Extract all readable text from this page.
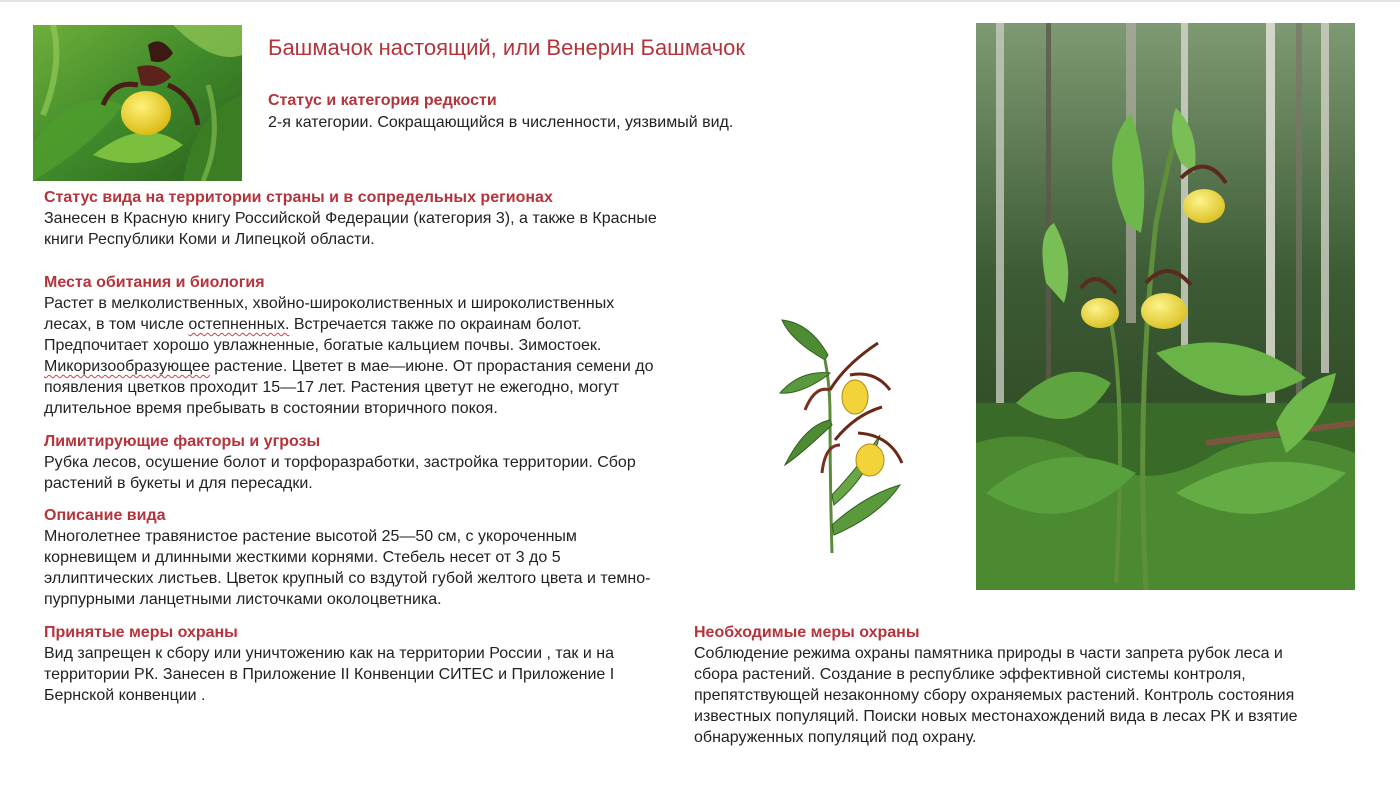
Башмачок настоящий, или Венерин Башмачок
Статус и категория редкости
2-я категории. Сокращающийся в численности, уязвимый вид.
Статус вида на территории страны и в сопредельных регионах

Занесен в Красную книгу Российской Федерации (категория 3), а также в Красные

книги Республики Коми и Липецкой области.

Места обитания и биология

Растет в мелколиственных, хвойно-широколиственных и широколиственных

лесах, в том числе остепненных. Встречается также по окраинам болот.

Предпочитает хорошо увлажненные, богатые кальцием почвы. Зимостоек.

Микоризообразующее растение. Цветет в мае—июне. От прорастания семени до

появления цветков проходит 15—17 лет. Растения цветут не ежегодно, могут

длительное время пребывать в состоянии вторичного покоя.

Лимитирующие факторы и угрозы

Рубка лесов, осушение болот и торфоразработки, застройка территории. Сбор

растений в букеты и для пересадки.

Описание вида

Многолетнее травянистое растение высотой 25—50 см, с укороченным

корневищем и длинными жесткими корнями. Стебель несет от 3 до 5

эллиптических листьев. Цветок крупный со вздутой губой желтого цвета и темно-

пурпурными ланцетными листочками околоцветника.

Принятые меры охраны

Вид запрещен к сбору или уничтожению как на территории России , так и на

территории РК. Занесен в Приложение II Конвенции СИТЕС и Приложение I

Бернской конвенции .

Необходимые меры охраны

Соблюдение режима охраны памятника природы в части запрета рубок леса и

сбора растений. Создание в республике эффективной системы контроля,

препятствующей незаконному сбору охраняемых растений. Контроль состояния

известных популяций. Поиски новых местонахождений вида в лесах РК и взятие

обнаруженных популяций под охрану.
